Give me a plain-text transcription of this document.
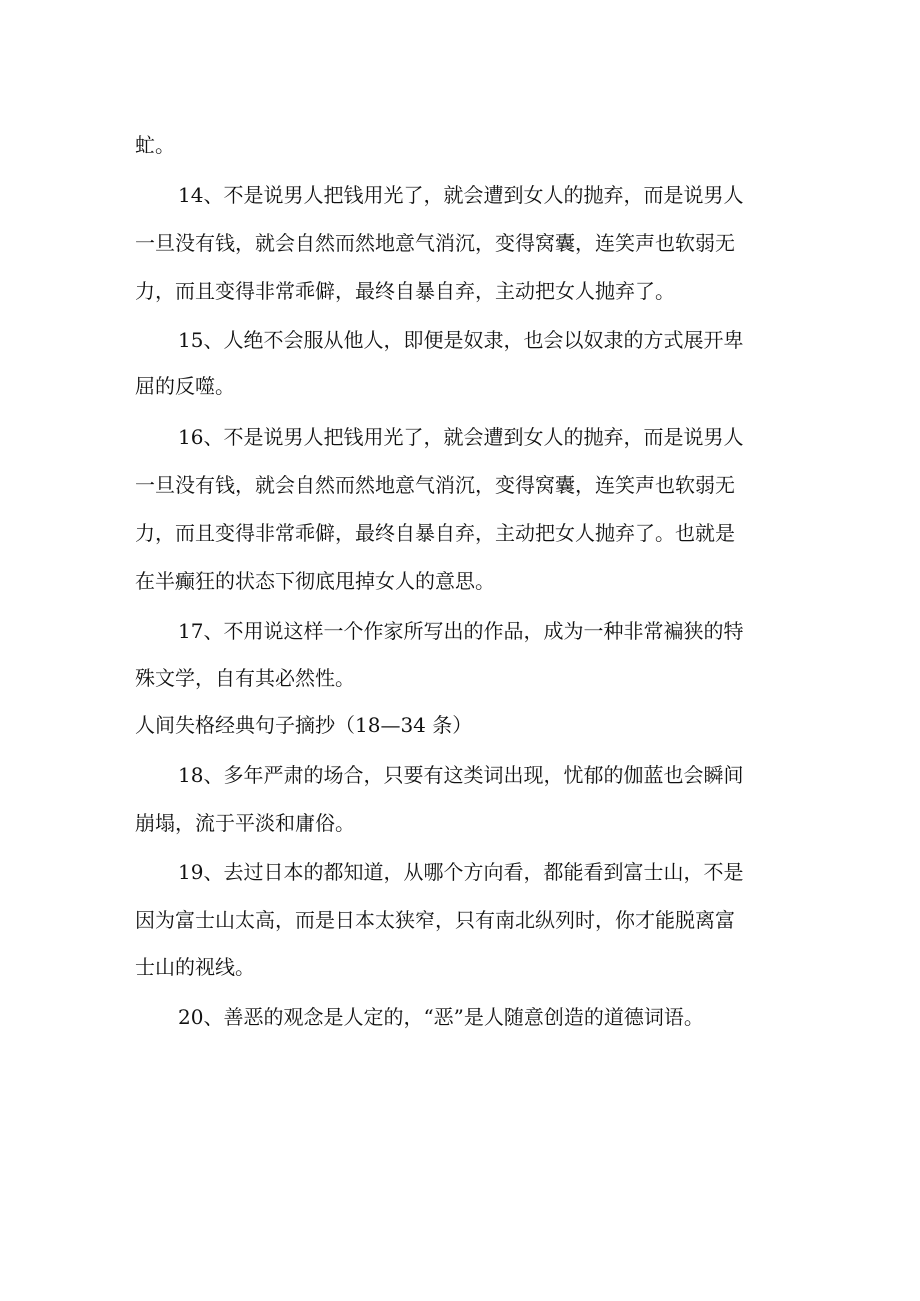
虻。
14、不是说男人把钱用光了，就会遭到女人的抛弃，而是说男人
一旦没有钱，就会自然而然地意气消沉，变得窝囊，连笑声也软弱无
力，而且变得非常乖僻，最终自暴自弃，主动把女人抛弃了。
15、人绝不会服从他人，即便是奴隶，也会以奴隶的方式展开卑
屈的反噬。
16、不是说男人把钱用光了，就会遭到女人的抛弃，而是说男人
一旦没有钱，就会自然而然地意气消沉，变得窝囊，连笑声也软弱无
力，而且变得非常乖僻，最终自暴自弃，主动把女人抛弃了。也就是
在半癫狂的状态下彻底甩掉女人的意思。
17、不用说这样一个作家所写出的作品，成为一种非常褊狭的特
殊文学，自有其必然性。
人间失格经典句子摘抄（18—34 条）
18、多年严肃的场合，只要有这类词出现，忧郁的伽蓝也会瞬间
崩塌，流于平淡和庸俗。
19、去过日本的都知道，从哪个方向看，都能看到富士山，不是
因为富士山太高，而是日本太狭窄，只有南北纵列时，你才能脱离富
士山的视线。
20、善恶的观念是人定的，“恶”是人随意创造的道德词语。
